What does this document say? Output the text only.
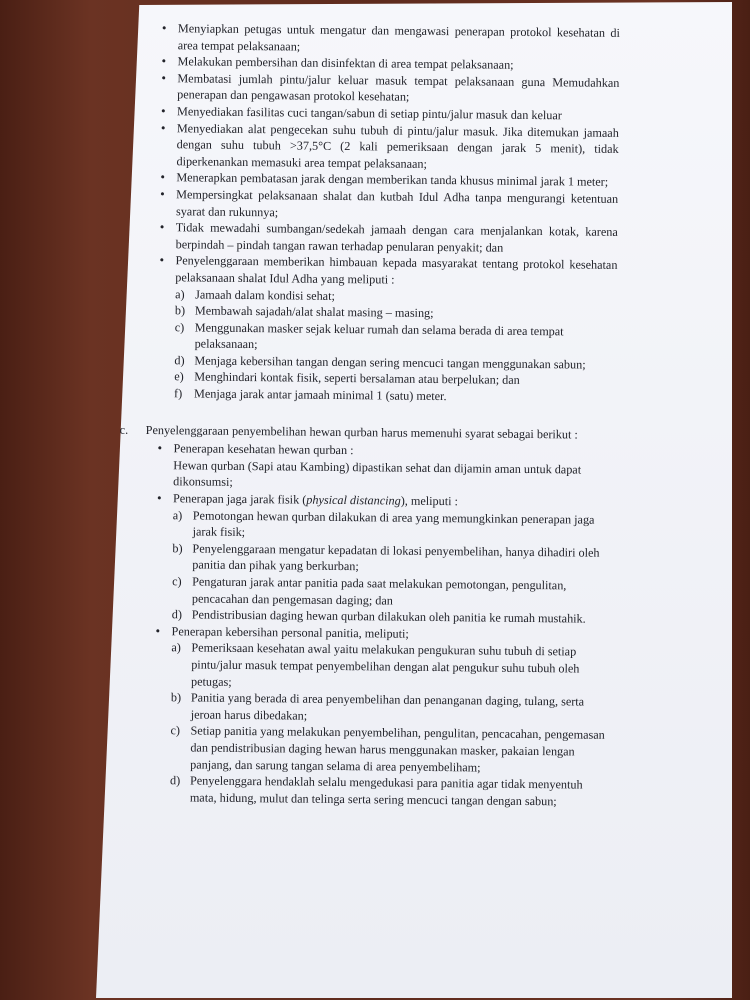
• Menyiapkan petugas untuk mengatur dan mengawasi penerapan protokol kesehatan di area tempat pelaksanaan;
• Melakukan pembersihan dan disinfektan di area tempat pelaksanaan;
• Membatasi jumlah pintu/jalur keluar masuk tempat pelaksanaan guna Memudahkan penerapan dan pengawasan protokol kesehatan;
• Menyediakan fasilitas cuci tangan/sabun di setiap pintu/jalur masuk dan keluar
• Menyediakan alat pengecekan suhu tubuh di pintu/jalur masuk. Jika ditemukan jamaah dengan suhu tubuh >37,5°C (2 kali pemeriksaan dengan jarak 5 menit), tidak diperkenankan memasuki area tempat pelaksanaan;
• Menerapkan pembatasan jarak dengan memberikan tanda khusus minimal jarak 1 meter;
• Mempersingkat pelaksanaan shalat dan kutbah Idul Adha tanpa mengurangi ketentuan syarat dan rukunnya;
• Tidak mewadahi sumbangan/sedekah jamaah dengan cara menjalankan kotak, karena berpindah – pindah tangan rawan terhadap penularan penyakit; dan
• Penyelenggaraan memberikan himbauan kepada masyarakat tentang protokol kesehatan pelaksanaan shalat Idul Adha yang meliputi :
a) Jamaah dalam kondisi sehat;
b) Membawah sajadah/alat shalat masing – masing;
c) Menggunakan masker sejak keluar rumah dan selama berada di area tempat pelaksanaan;
d) Menjaga kebersihan tangan dengan sering mencuci tangan menggunakan sabun;
e) Menghindari kontak fisik, seperti bersalaman atau berpelukan; dan
f) Menjaga jarak antar jamaah minimal 1 (satu) meter.
c. Penyelenggaraan penyembelihan hewan qurban harus memenuhi syarat sebagai berikut :
• Penerapan kesehatan hewan qurban :
Hewan qurban (Sapi atau Kambing) dipastikan sehat dan dijamin aman untuk dapat dikonsumsi;
• Penerapan jaga jarak fisik (physical distancing), meliputi :
a) Pemotongan hewan qurban dilakukan di area yang memungkinkan penerapan jaga jarak fisik;
b) Penyelenggaraan mengatur kepadatan di lokasi penyembelihan, hanya dihadiri oleh panitia dan pihak yang berkurban;
c) Pengaturan jarak antar panitia pada saat melakukan pemotongan, pengulitan, pencacahan dan pengemasan daging; dan
d) Pendistribusian daging hewan qurban dilakukan oleh panitia ke rumah mustahik.
• Penerapan kebersihan personal panitia, meliputi;
a) Pemeriksaan kesehatan awal yaitu melakukan pengukuran suhu tubuh di setiap pintu/jalur masuk tempat penyembelihan dengan alat pengukur suhu tubuh oleh petugas;
b) Panitia yang berada di area penyembelihan dan penanganan daging, tulang, serta jeroan harus dibedakan;
c) Setiap panitia yang melakukan penyembelihan, pengulitan, pencacahan, pengemasan dan pendistribusian daging hewan harus menggunakan masker, pakaian lengan panjang, dan sarung tangan selama di area penyembeliham;
d) Penyelenggara hendaklah selalu mengedukasi para panitia agar tidak menyentuh mata, hidung, mulut dan telinga serta sering mencuci tangan dengan sabun;
